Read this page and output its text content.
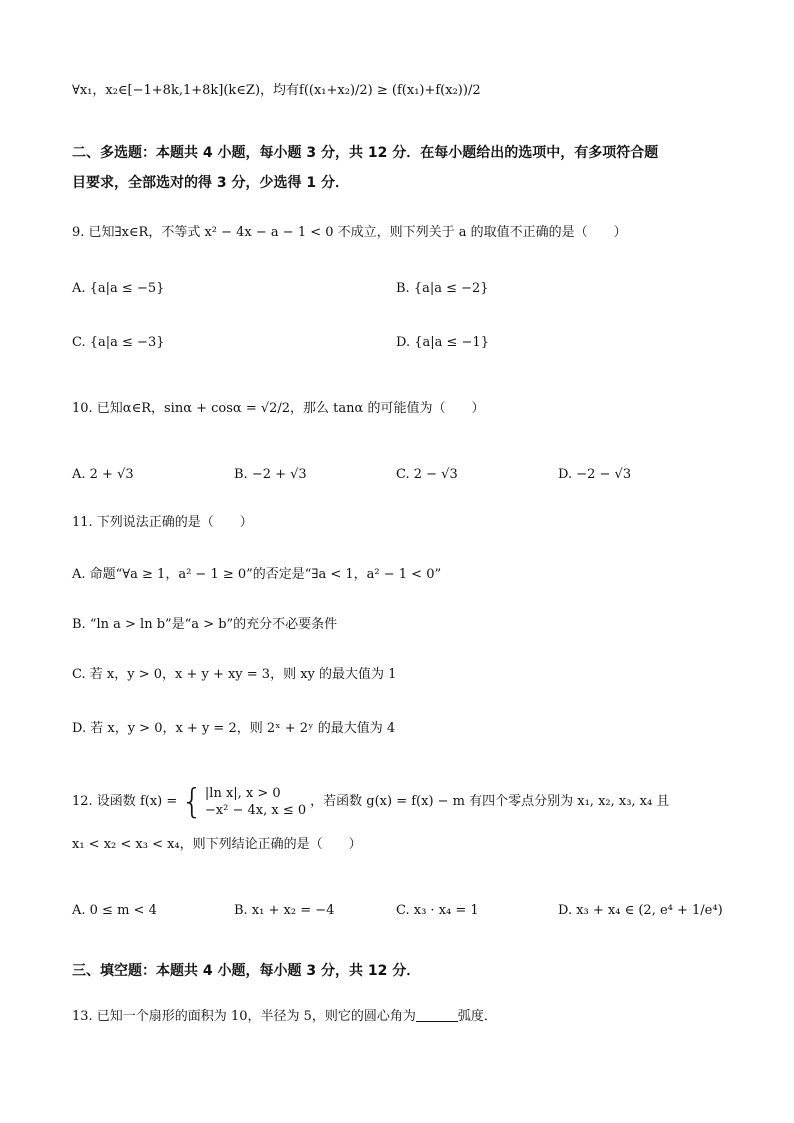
∀x₁，x₂∈[−1+8k,1+8k](k∈Z)，均有f((x₁+x₂)/2) ≥ (f(x₁)+f(x₂))/2
二、多选题：本题共 4 小题，每小题 3 分，共 12 分．在每小题给出的选项中，有多项符合题
目要求，全部选对的得 3 分，少选得 1 分．
9. 已知∃x∈R，不等式 x² − 4x − a − 1 < 0 不成立，则下列关于 a 的取值不正确的是（　　）
A. {a|a ≤ −5}	B. {a|a ≤ −2}
C. {a|a ≤ −3}	D. {a|a ≤ −1}
10. 已知α∈R，sinα + cosα = √2/2，那么 tanα 的可能值为（　　）
A. 2 + √3	B. −2 + √3	C. 2 − √3	D. −2 − √3
11. 下列说法正确的是（　　）
A. 命题“∀a ≥ 1，a² − 1 ≥ 0”的否定是“∃a < 1，a² − 1 < 0”
B. “ln a > ln b”是“a > b”的充分不必要条件
C. 若 x，y > 0，x + y + xy = 3，则 xy 的最大值为 1
D. 若 x，y > 0，x + y = 2，则 2ˣ + 2ʸ 的最大值为 4
12. 设函数 f(x) = { |ln x|, x > 0
−x² − 4x, x ≤ 0
，若函数 g(x) = f(x) − m 有四个零点分别为 x₁, x₂, x₃, x₄ 且
x₁ < x₂ < x₃ < x₄，则下列结论正确的是（　　）
A. 0 ≤ m < 4	B. x₁ + x₂ = −4	C. x₃ · x₄ = 1	D. x₃ + x₄ ∈ (2, e⁴ + 1/e⁴)
三、填空题：本题共 4 小题，每小题 3 分，共 12 分．
13. 已知一个扇形的面积为 10，半径为 5，则它的圆心角为	弧度．
